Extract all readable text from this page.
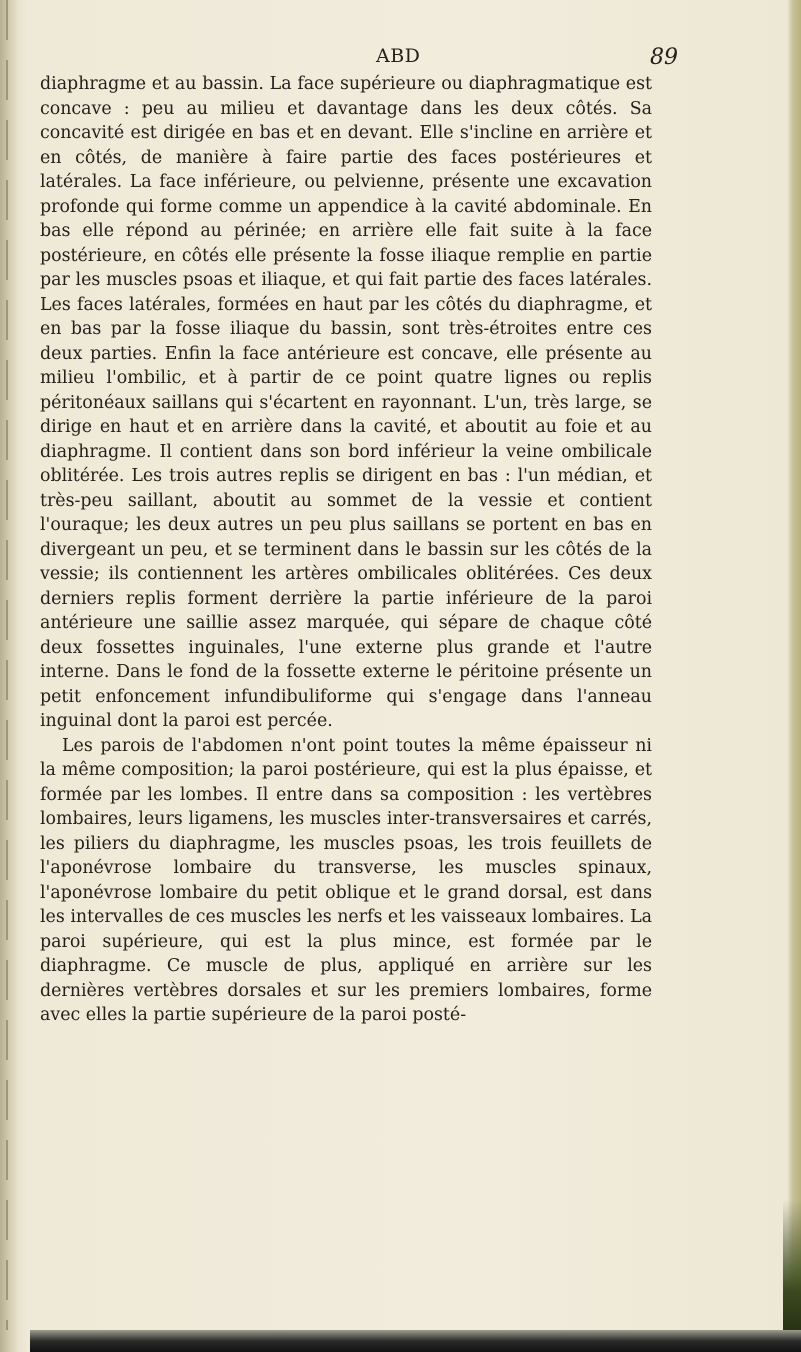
ABD	89

diaphragme et au bassin. La face supérieure ou diaphragmatique est concave : peu au milieu et davantage dans les deux côtés. Sa concavité est dirigée en bas et en devant. Elle s'incline en arrière et en côtés, de manière à faire partie des faces postérieures et latérales. La face inférieure, ou pelvienne, présente une excavation profonde qui forme comme un appendice à la cavité abdominale. En bas elle répond au périnée; en arrière elle fait suite à la face postérieure, en côtés elle présente la fosse iliaque remplie en partie par les muscles psoas et iliaque, et qui fait partie des faces latérales. Les faces latérales, formées en haut par les côtés du diaphragme, et en bas par la fosse iliaque du bassin, sont très-étroites entre ces deux parties. Enfin la face antérieure est concave, elle présente au milieu l'ombilic, et à partir de ce point quatre lignes ou replis péritonéaux saillans qui s'écartent en rayonnant. L'un, très large, se dirige en haut et en arrière dans la cavité, et aboutit au foie et au diaphragme. Il contient dans son bord inférieur la veine ombilicale oblitérée. Les trois autres replis se dirigent en bas : l'un médian, et très-peu saillant, aboutit au sommet de la vessie et contient l'ouraque; les deux autres un peu plus saillans se portent en bas en divergeant un peu, et se terminent dans le bassin sur les côtés de la vessie; ils contiennent les artères ombilicales oblitérées. Ces deux derniers replis forment derrière la partie inférieure de la paroi antérieure une saillie assez marquée, qui sépare de chaque côté deux fossettes inguinales, l'une externe plus grande et l'autre interne. Dans le fond de la fossette externe le péritoine présente un petit enfoncement infundibuliforme qui s'engage dans l'anneau inguinal dont la paroi est percée.

Les parois de l'abdomen n'ont point toutes la même épaisseur ni la même composition; la paroi postérieure, qui est la plus épaisse, et formée par les lombes. Il entre dans sa composition : les vertèbres lombaires, leurs ligamens, les muscles inter-transversaires et carrés, les piliers du diaphragme, les muscles psoas, les trois feuillets de l'aponévrose lombaire du transverse, les muscles spinaux, l'aponévrose lombaire du petit oblique et le grand dorsal, est dans les intervalles de ces muscles les nerfs et les vaisseaux lombaires. La paroi supérieure, qui est la plus mince, est formée par le diaphragme. Ce muscle de plus, appliqué en arrière sur les dernières vertèbres dorsales et sur les premiers lombaires, forme avec elles la partie supérieure de la paroi posté-
